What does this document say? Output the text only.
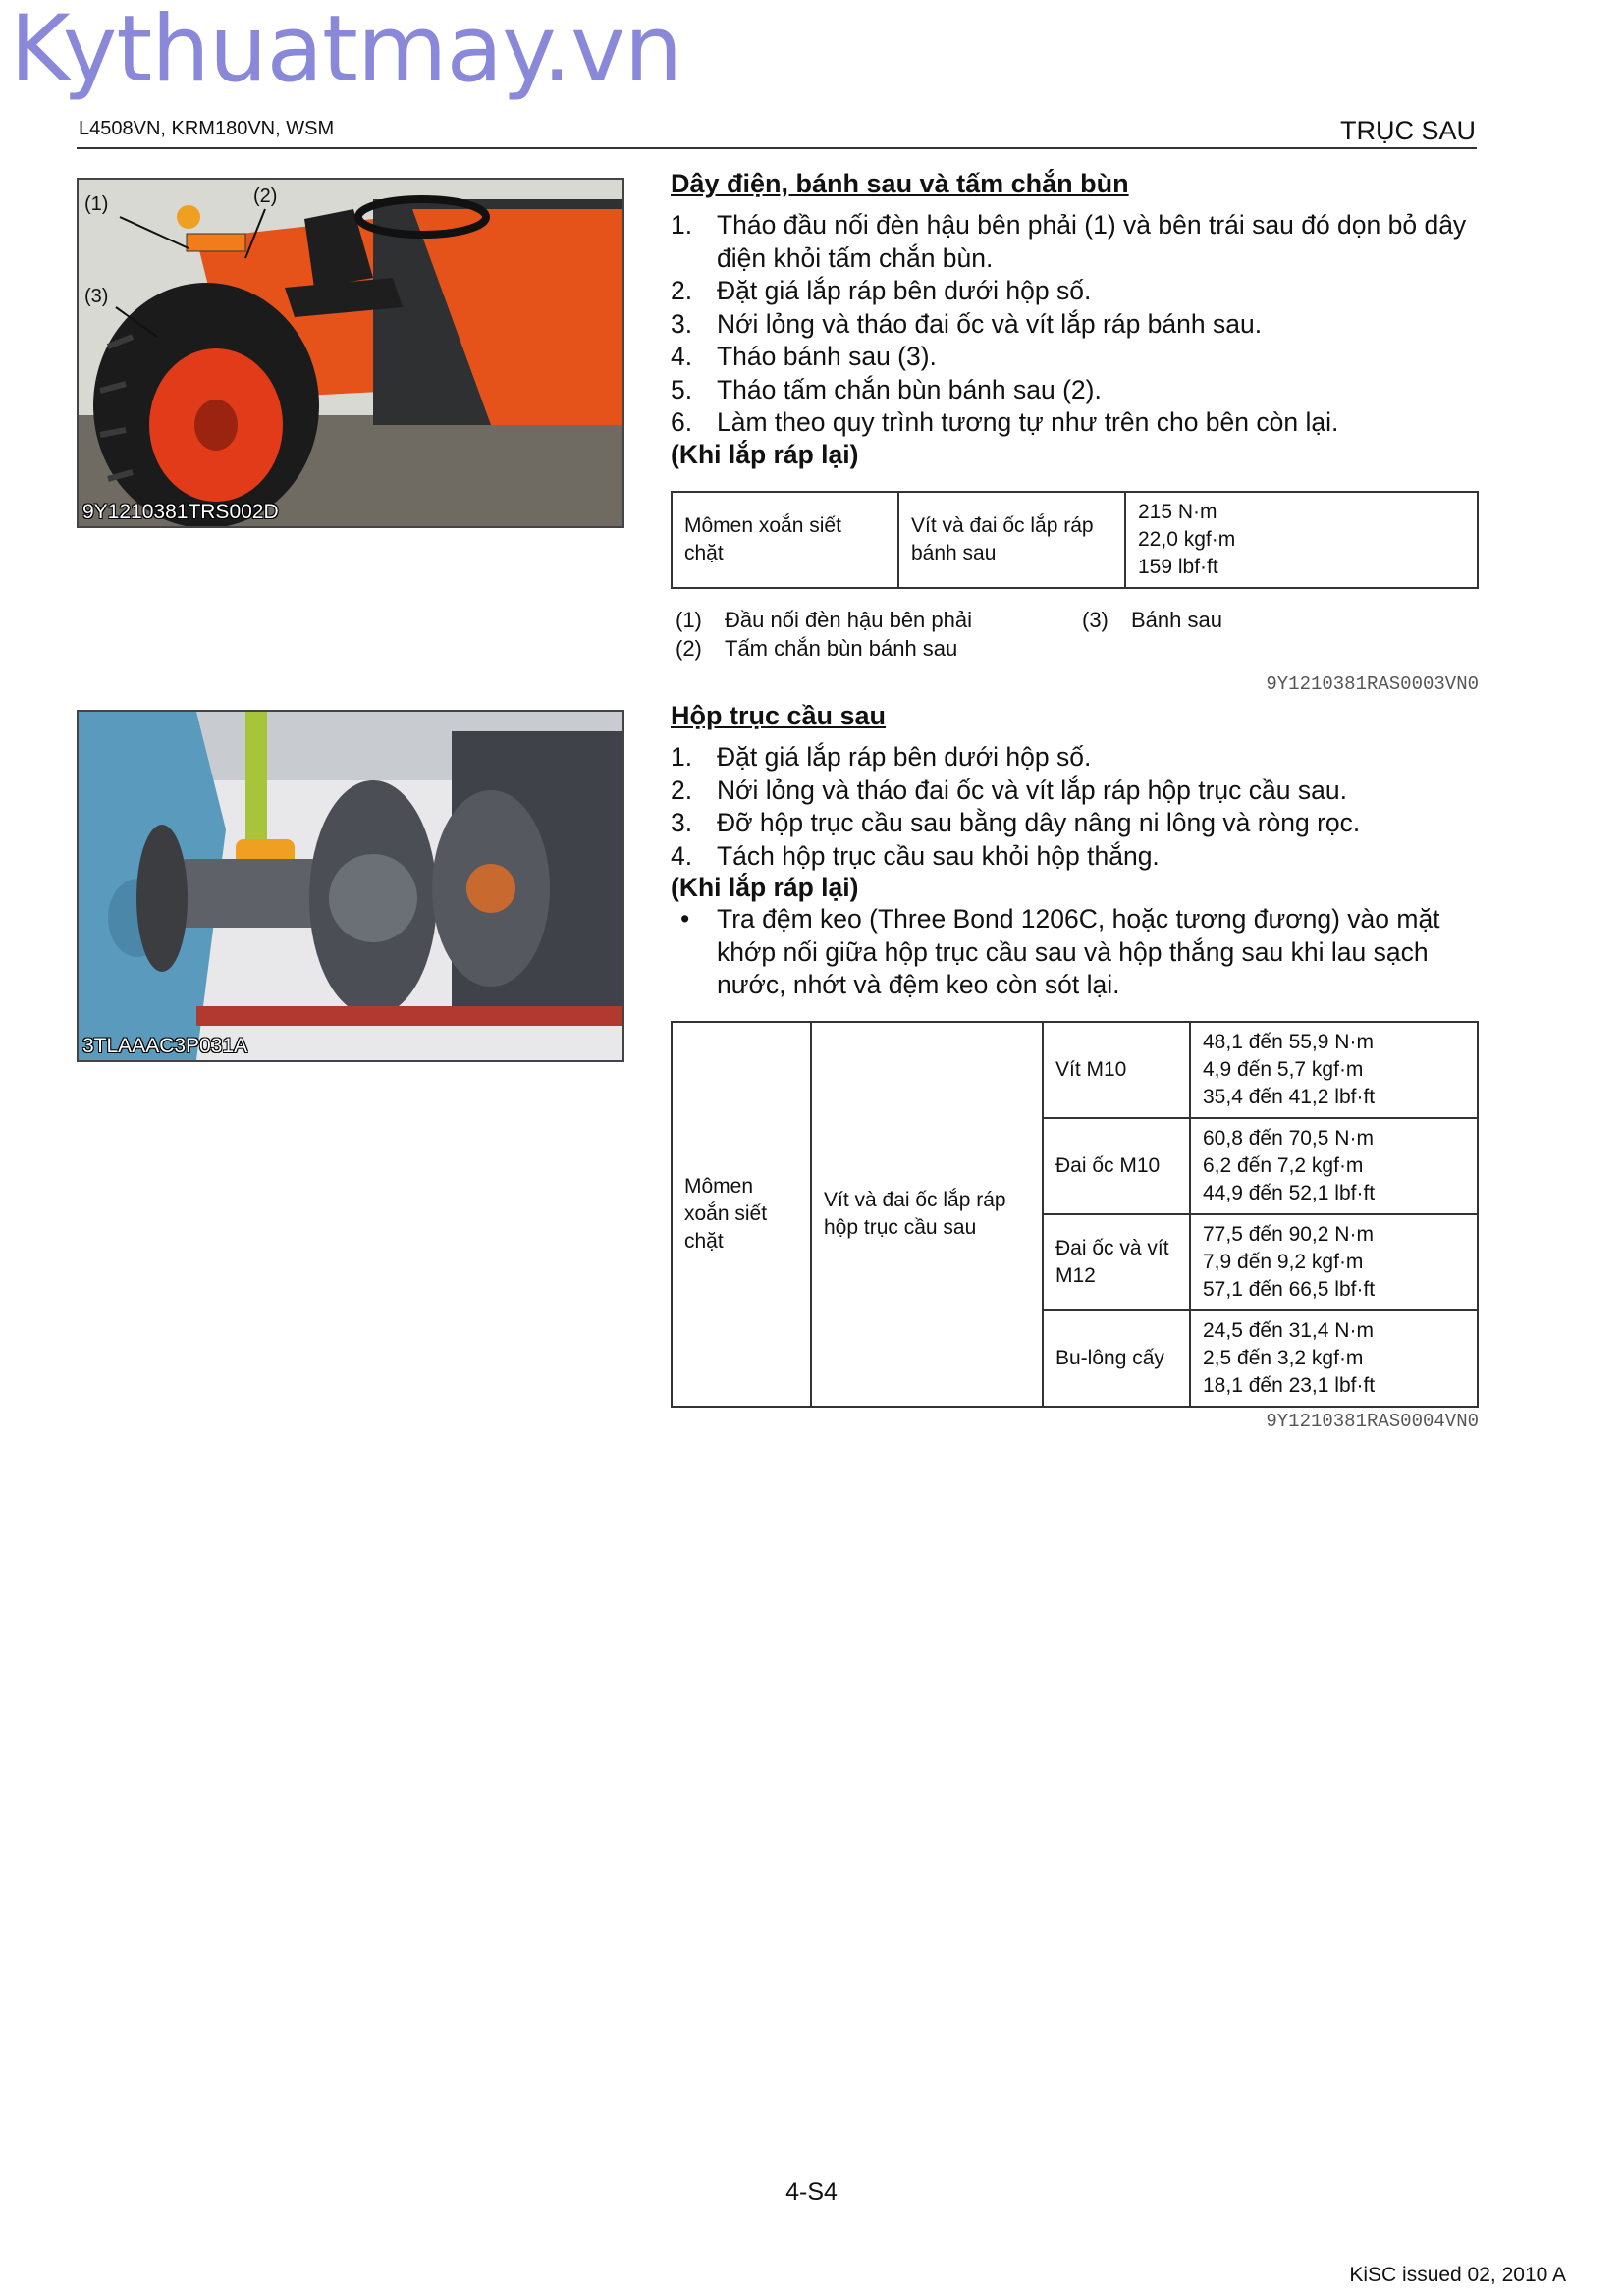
Kythuatmay.vn
L4508VN, KRM180VN, WSM	TRỤC SAU
(1)	(2)
(3)
9Y1210381TRS002D
3TLAAAC3P031A
Dây điện, bánh sau và tấm chắn bùn
1. Tháo đầu nối đèn hậu bên phải (1) và bên trái sau đó dọn bỏ dây điện khỏi tấm chắn bùn.
2. Đặt giá lắp ráp bên dưới hộp số.
3. Nới lỏng và tháo đai ốc và vít lắp ráp bánh sau.
4. Tháo bánh sau (3).
5. Tháo tấm chắn bùn bánh sau (2).
6. Làm theo quy trình tương tự như trên cho bên còn lại.
(Khi lắp ráp lại)
Mômen xoắn siết chặt	Vít và đai ốc lắp ráp bánh sau	
215 N·m
22,0 kgf·m
159 lbf·ft
(1) Đầu nối đèn hậu bên phải
(2) Tấm chắn bùn bánh sau
(3) Bánh sau
9Y1210381RAS0003VN0
Hộp trục cầu sau
1. Đặt giá lắp ráp bên dưới hộp số.
2. Nới lỏng và tháo đai ốc và vít lắp ráp hộp trục cầu sau.
3. Đỡ hộp trục cầu sau bằng dây nâng ni lông và ròng rọc.
4. Tách hộp trục cầu sau khỏi hộp thắng.
(Khi lắp ráp lại)
• Tra đệm keo (Three Bond 1206C, hoặc tương đương) vào mặt khớp nối giữa hộp trục cầu sau và hộp thắng sau khi lau sạch nước, nhớt và đệm keo còn sót lại.
Mômen xoắn siết chặt	Vít và đai ốc lắp ráp hộp trục cầu sau	Vít M10	48,1 đến 55,9 N·m
4,9 đến 5,7 kgf·m
35,4 đến 41,2 lbf·ft

		Đai ốc M10	60,8 đến 70,5 N·m
6,2 đến 7,2 kgf·m
44,9 đến 52,1 lbf·ft

		Đai ốc và vít M12	77,5 đến 90,2 N·m
7,9 đến 9,2 kgf·m
57,1 đến 66,5 lbf·ft

		Bu-lông cấy	24,5 đến 31,4 N·m
2,5 đến 3,2 kgf·m
18,1 đến 23,1 lbf·ft
9Y1210381RAS0004VN0
4-S4
KiSC issued 02, 2010 A
